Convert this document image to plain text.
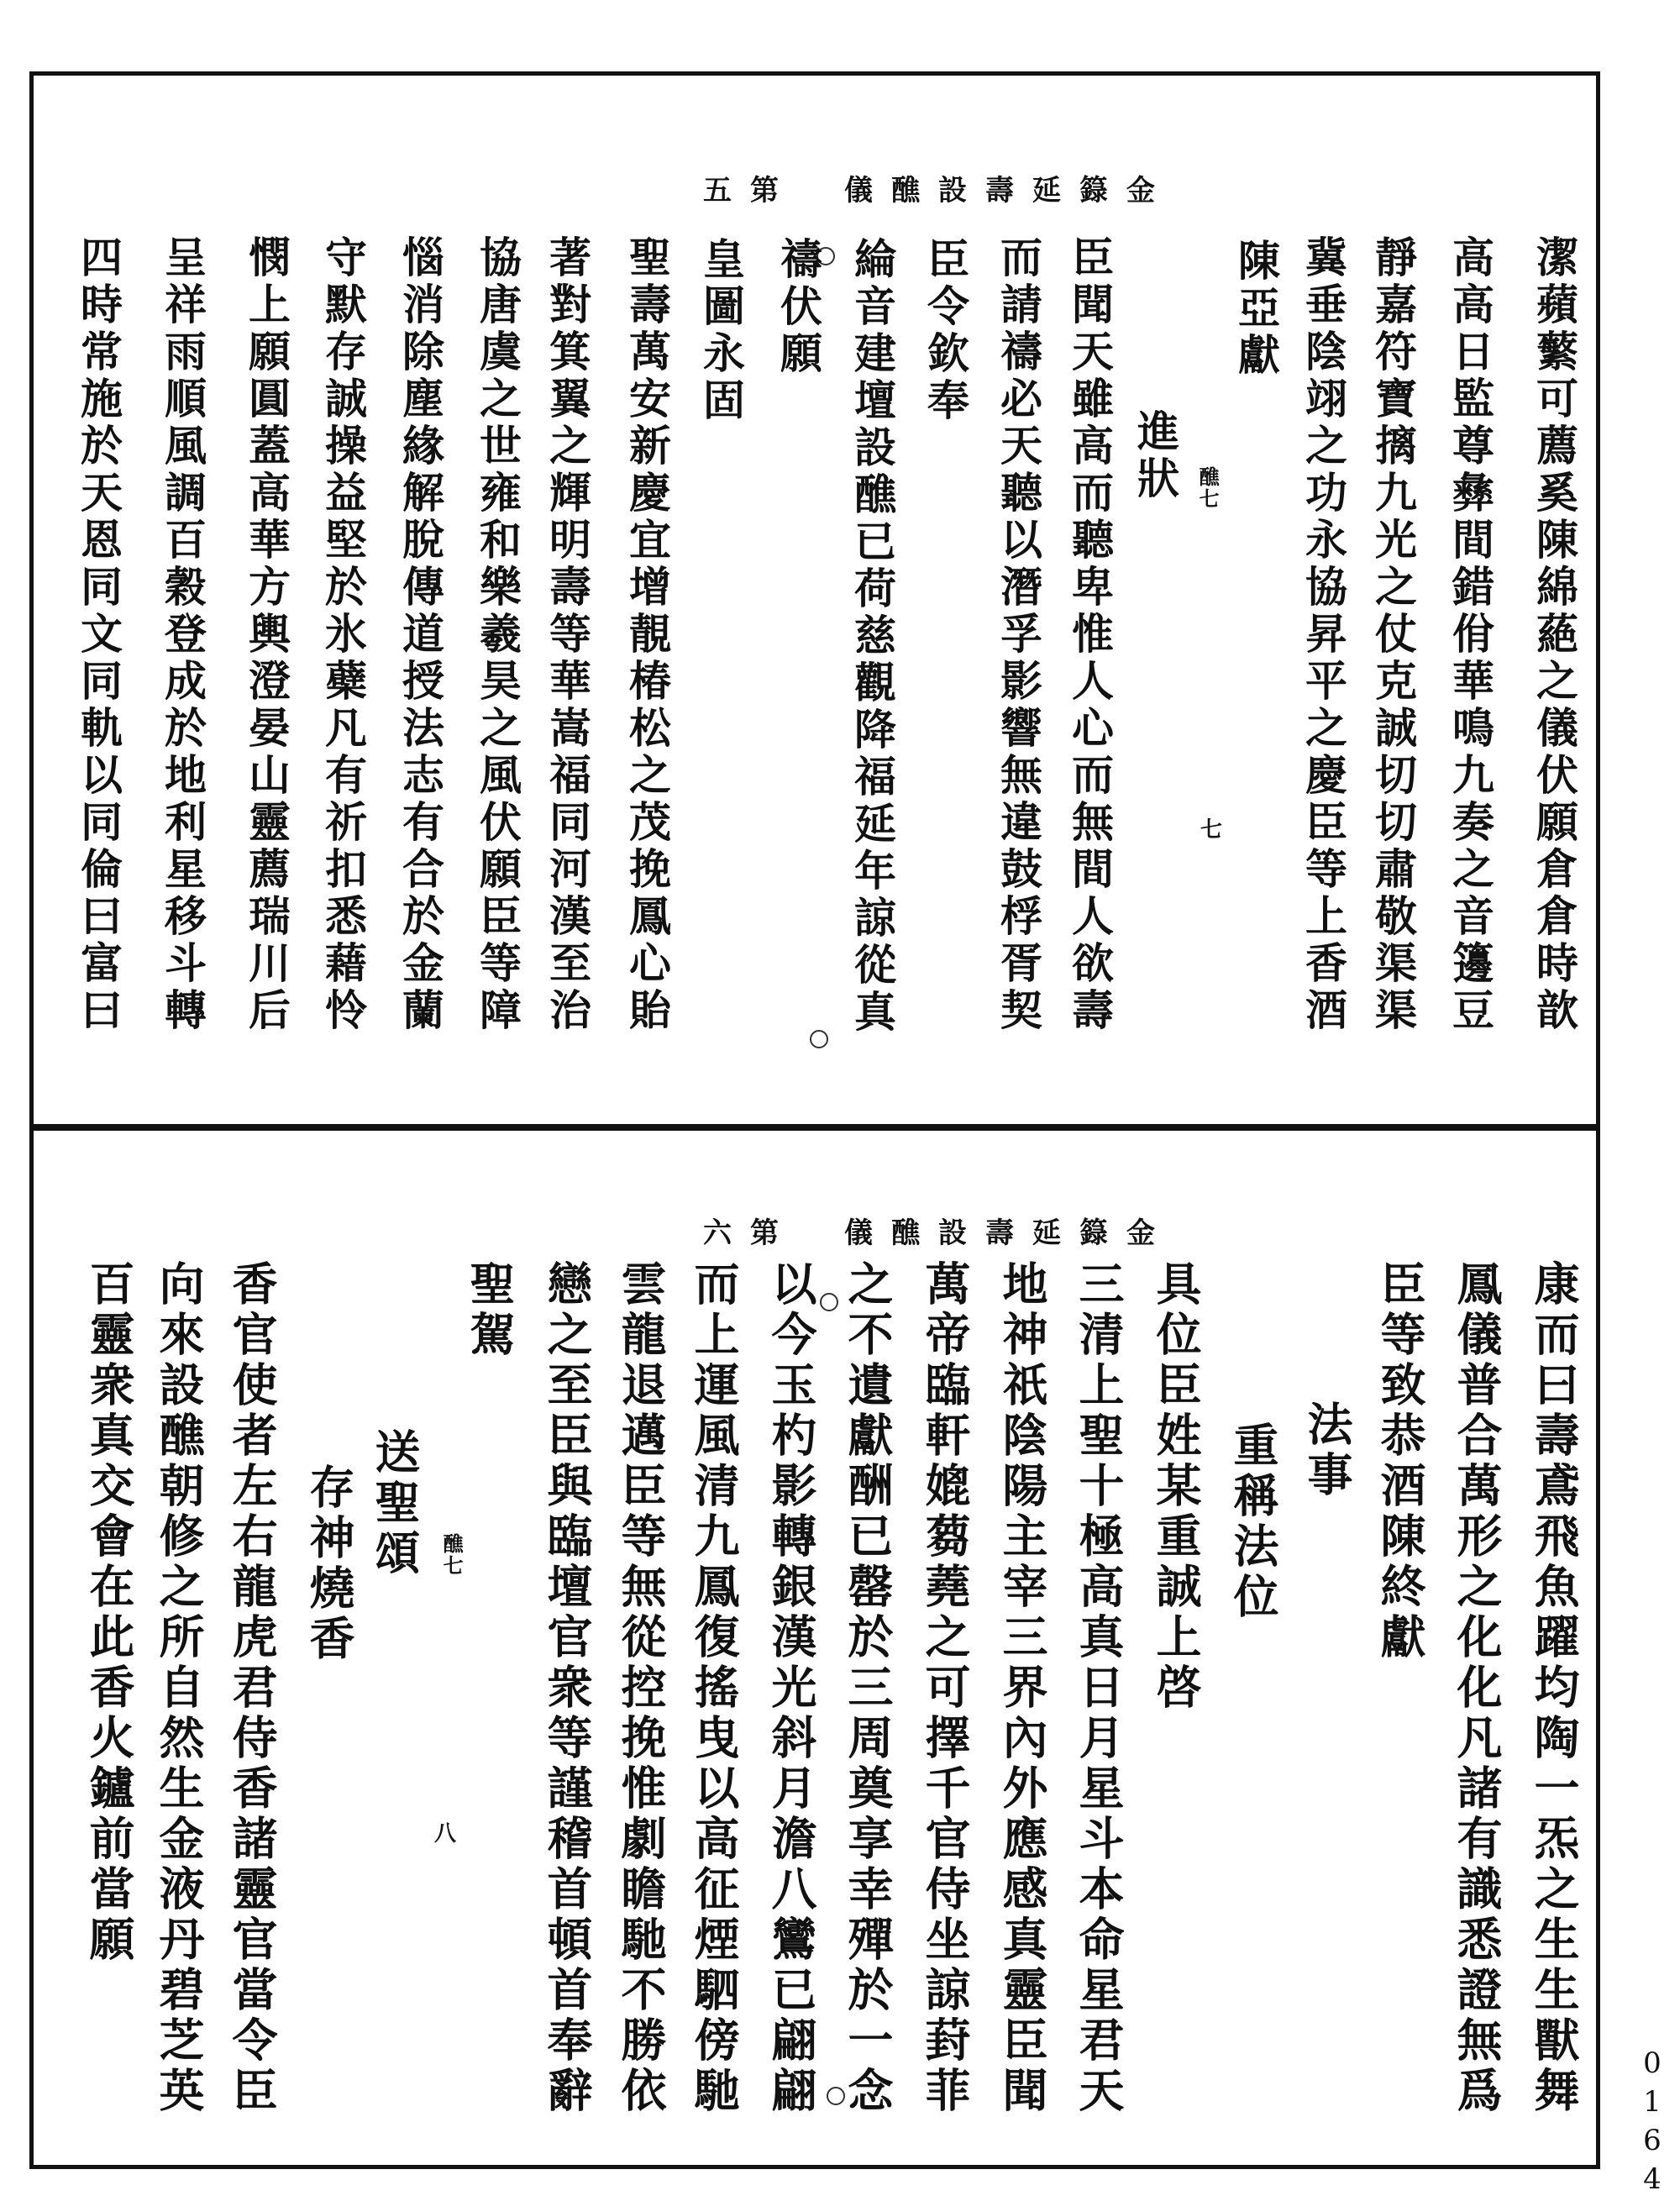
金籙延壽設醮儀　第五
潔蘋蘩可薦奚陳綿蕝之儀伏願倉倉時歆
高高日監尊彝間錯佾華鳴九奏之音籩豆
靜嘉符寶摛九光之仗克誠切切肅敬渠渠
冀垂陰翊之功永協昇平之慶臣等上香酒
陳亞獻
醮七
七
進狀
臣聞天雖高而聽卑惟人心而無間人欲壽
而請禱必天聽以潛孚影響無違鼓桴胥契
臣令欽奉
綸音建壇設醮已荷慈觀降福延年諒從真
禱伏願
皇圖永固
聖壽萬安新慶宜增靚椿松之茂挽鳳心貽
著對箕翼之輝明壽等華嵩福同河漢至治
協唐虞之世雍和樂羲昊之風伏願臣等障
惱消除塵緣解脫傳道授法志有合於金蘭
守默存誠操益堅於氷蘗凡有祈扣悉藉怜
憫上願圓蓋高華方輿澄晏山靈薦瑞川后
呈祥雨順風調百穀登成於地利星移斗轉
四時常施於天恩同文同軌以同倫曰富曰
金籙延壽設醮儀　第六
康而曰壽鳶飛魚躍均陶一炁之生生獸舞
鳳儀普合萬形之化化凡諸有識悉證無爲
臣等致恭酒陳終獻
法事
重稱法位
具位臣姓某重誠上啓
三清上聖十極高真日月星斗本命星君天
地神祇陰陽主宰三界內外應感真靈臣聞
萬帝臨軒媲蒭蕘之可擇千官侍坐諒葑菲
之不遺獻酬已罄於三周奠享幸殫於一念
以今玉杓影轉銀漢光斜月澹八鸞已翩翩
而上運風清九鳳復搖曳以高征煙駟傍馳
雲龍退邁臣等無從控挽惟劇瞻馳不勝依
戀之至臣與臨壇官衆等謹稽首頓首奉辭
聖駕
醮七
八
送聖頌
存神燒香
香官使者左右龍虎君侍香諸靈官當令臣
向來設醮朝修之所自然生金液丹碧芝英
百靈衆真交會在此香火鑪前當願
0164
